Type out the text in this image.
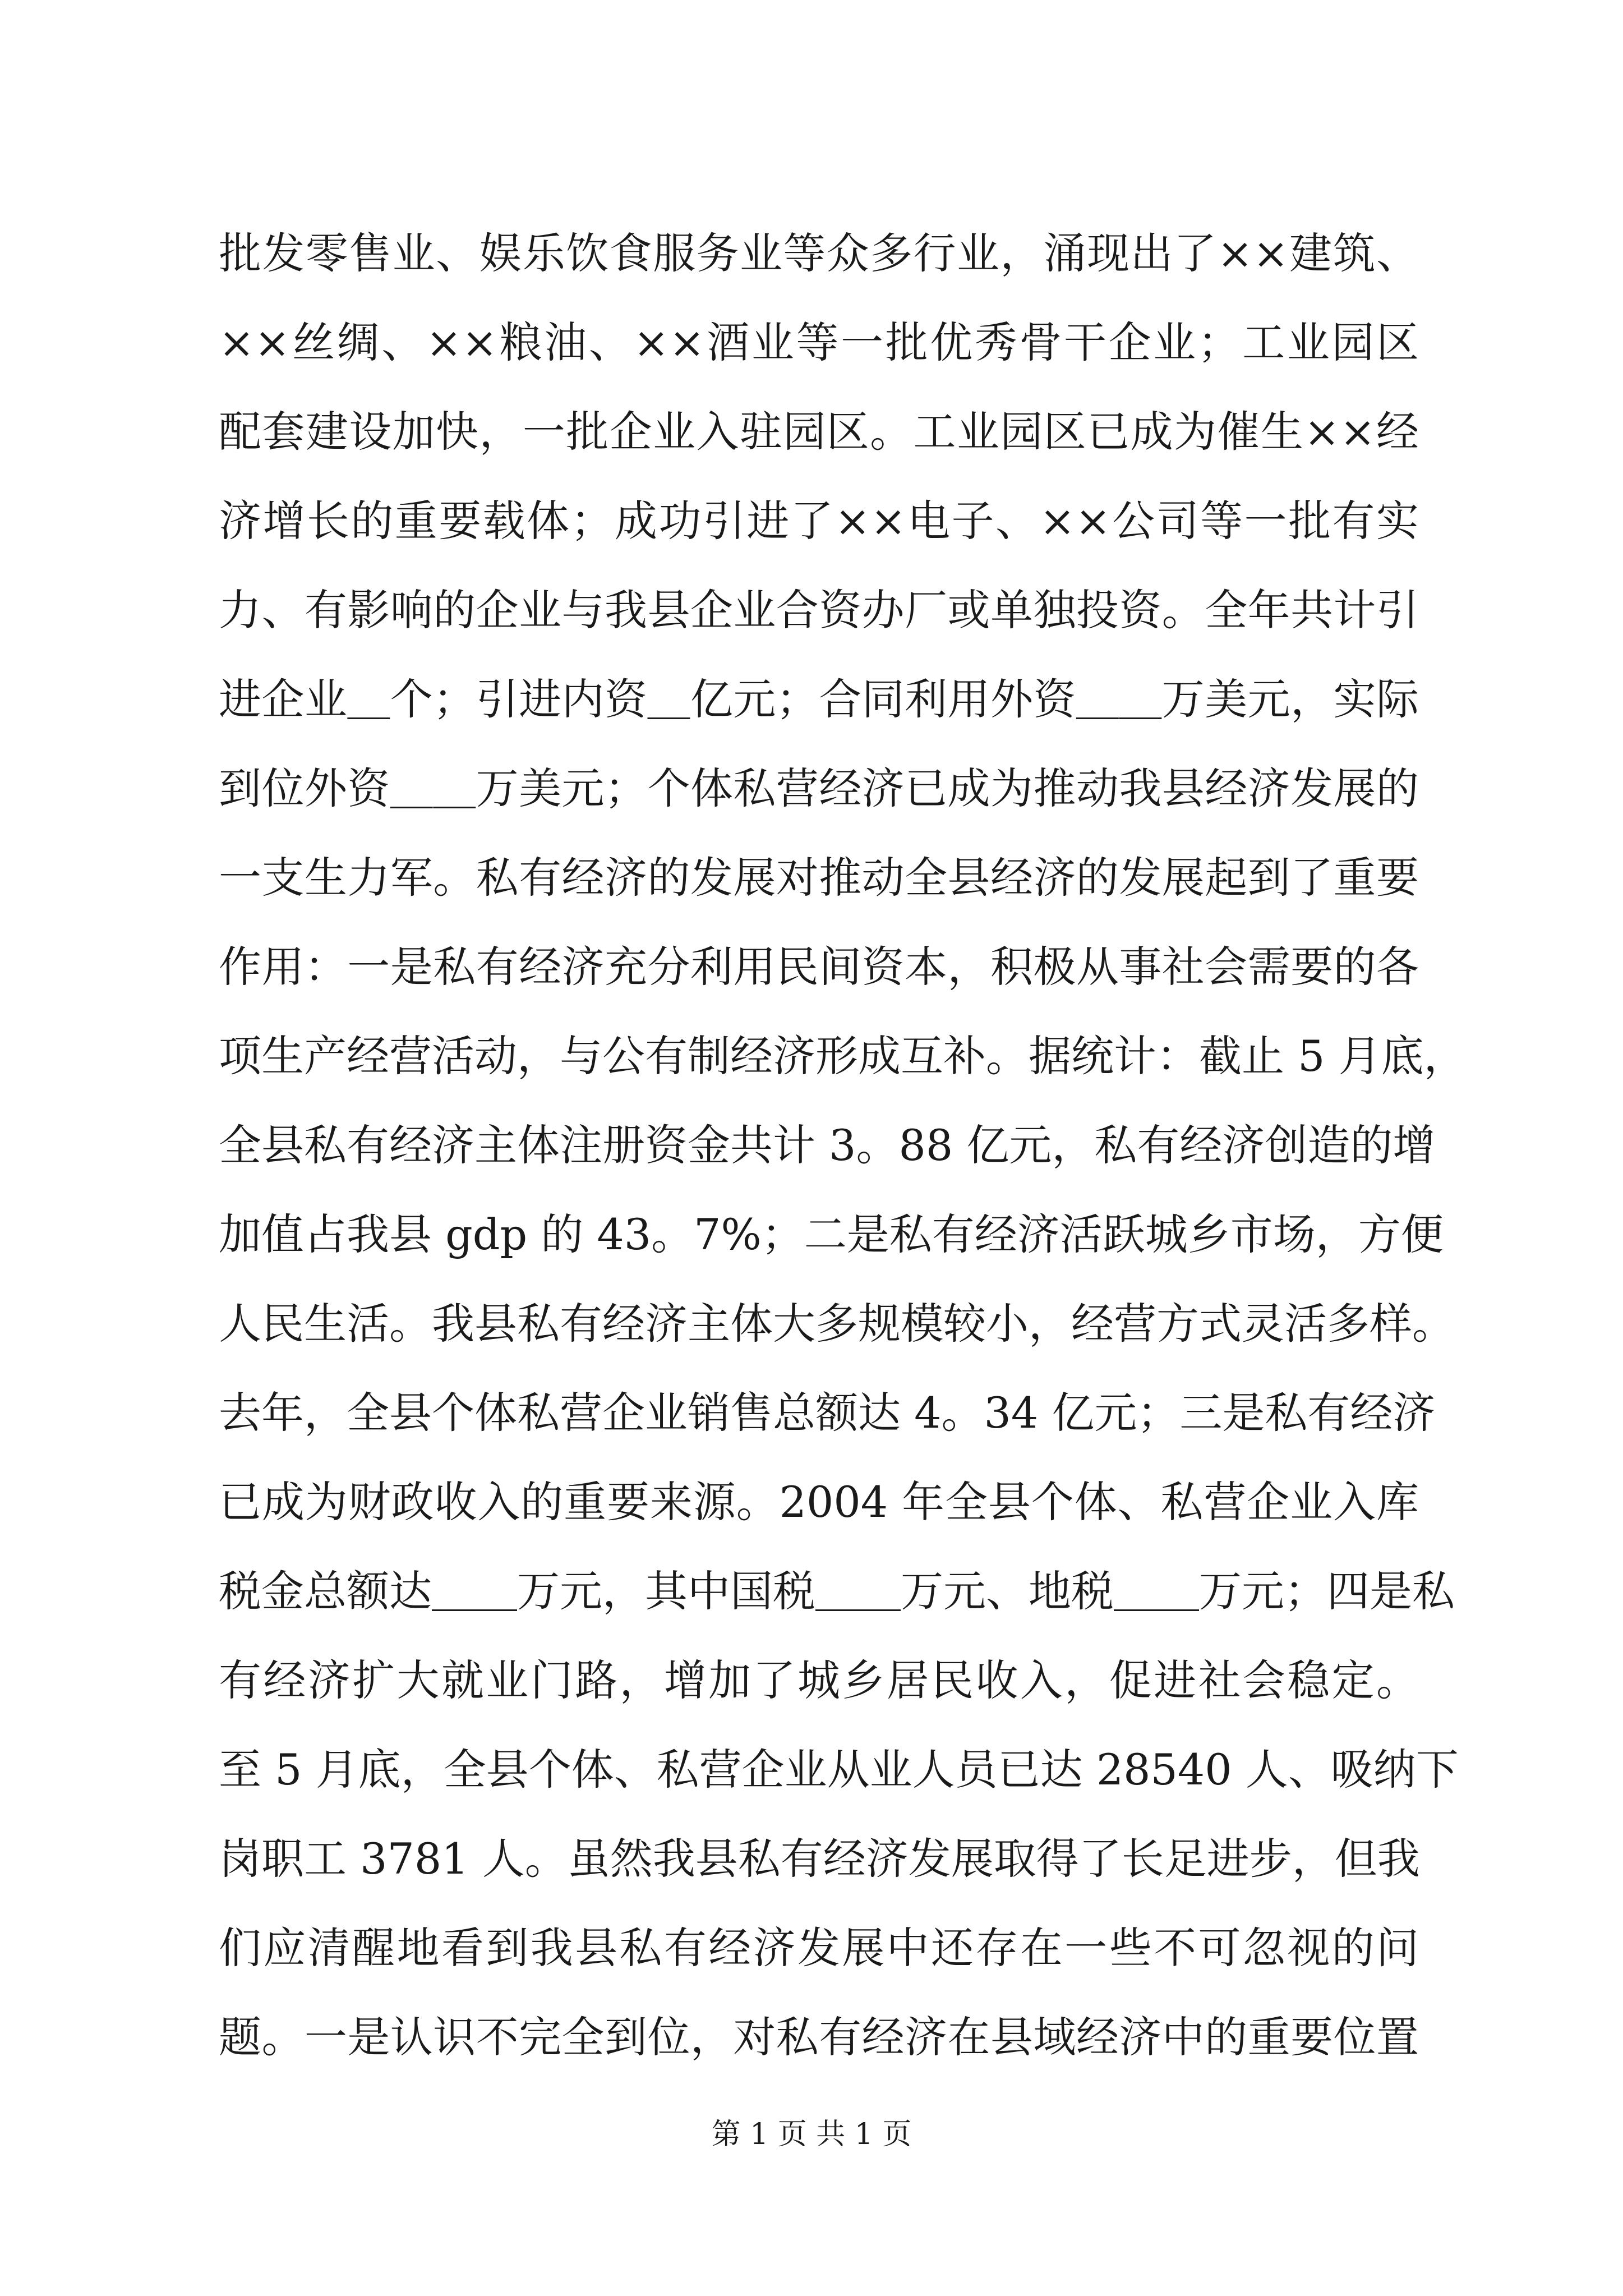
批发零售业、娱乐饮食服务业等众多行业，涌现出了××建筑、
××丝绸、××粮油、××酒业等一批优秀骨干企业；工业园区
配套建设加快，一批企业入驻园区。工业园区已成为催生××经
济增长的重要载体；成功引进了××电子、××公司等一批有实
力、有影响的企业与我县企业合资办厂或单独投资。全年共计引
进企业＿个；引进内资＿亿元；合同利用外资＿＿万美元，实际
到位外资＿＿万美元；个体私营经济已成为推动我县经济发展的
一支生力军。私有经济的发展对推动全县经济的发展起到了重要
作用：一是私有经济充分利用民间资本，积极从事社会需要的各
项生产经营活动，与公有制经济形成互补。据统计：截止 5 月底，
全县私有经济主体注册资金共计 3。88 亿元，私有经济创造的增
加值占我县 gdp 的 43。7%；二是私有经济活跃城乡市场，方便
人民生活。我县私有经济主体大多规模较小，经营方式灵活多样。
去年，全县个体私营企业销售总额达 4。34 亿元；三是私有经济
已成为财政收入的重要来源。2004 年全县个体、私营企业入库
税金总额达＿＿万元，其中国税＿＿万元、地税＿＿万元；四是私
有经济扩大就业门路，增加了城乡居民收入，促进社会稳定。
至 5 月底，全县个体、私营企业从业人员已达 28540 人、吸纳下
岗职工 3781 人。虽然我县私有经济发展取得了长足进步，但我
们应清醒地看到我县私有经济发展中还存在一些不可忽视的问
题。一是认识不完全到位，对私有经济在县域经济中的重要位置
第 1 页 共 1 页
